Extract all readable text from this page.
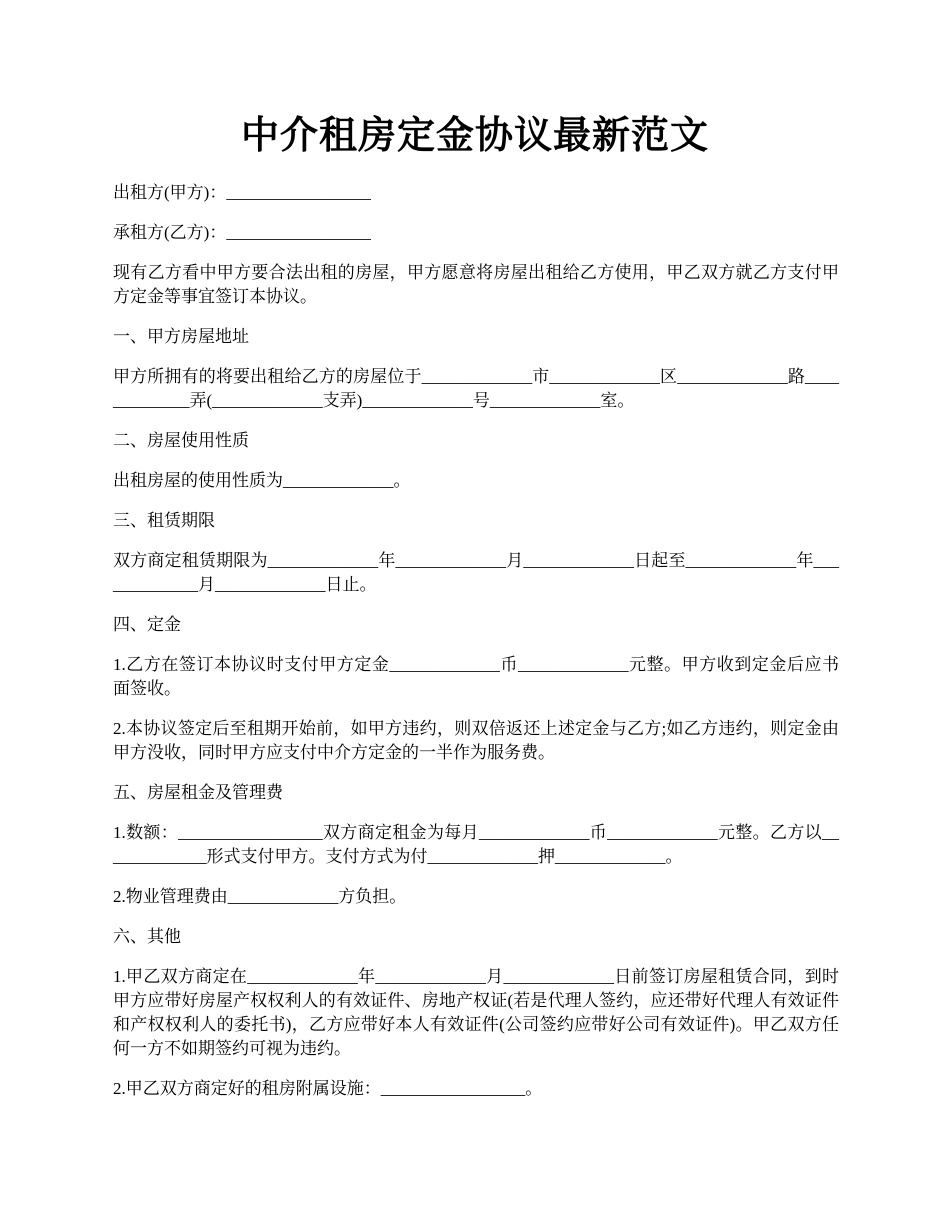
中介租房定金协议最新范文

出租方(甲方)：_________________

承租方(乙方)：_________________

现有乙方看中甲方要合法出租的房屋，甲方愿意将房屋出租给乙方使用，甲乙双方就乙方支付甲方定金等事宜签订本协议。

一、甲方房屋地址

甲方所拥有的将要出租给乙方的房屋位于_____________市_____________区_____________路_____________弄(_____________支弄)_____________号_____________室。

二、房屋使用性质

出租房屋的使用性质为_____________。

三、租赁期限

双方商定租赁期限为_____________年_____________月_____________日起至_____________年_____________月_____________日止。

四、定金

1.乙方在签订本协议时支付甲方定金_____________币_____________元整。甲方收到定金后应书面签收。

2.本协议签定后至租期开始前，如甲方违约，则双倍返还上述定金与乙方;如乙方违约，则定金由甲方没收，同时甲方应支付中介方定金的一半作为服务费。

五、房屋租金及管理费

1.数额：_________________双方商定租金为每月_____________币_____________元整。乙方以_____________形式支付甲方。支付方式为付_____________押_____________。

2.物业管理费由_____________方负担。

六、其他

1.甲乙双方商定在_____________年_____________月_____________日前签订房屋租赁合同，到时甲方应带好房屋产权权利人的有效证件、房地产权证(若是代理人签约，应还带好代理人有效证件和产权权利人的委托书)，乙方应带好本人有效证件(公司签约应带好公司有效证件)。甲乙双方任何一方不如期签约可视为违约。

2.甲乙双方商定好的租房附属设施：_________________。
